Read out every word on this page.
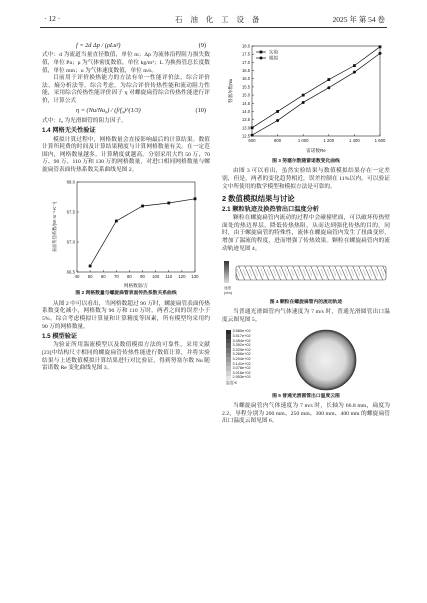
· 12 ·	石 油 化 工 设 备	2025 年 第 54 卷
f = 2d Δp / (ρLu²)	(9)

式中：d 为流道当量直径数值，单位 m；Δp 为流体沿程阻力损失数值，单位 Pa；ρ 为气体密度数值，单位 kg/m³；L 为换热管总长度数值，单位 mm；u 为气体速度数值，单位 m/s。

目前用于评价换热能力的方法有单一性能评价法、综合评价法、熵分析法等。综合考虑，为综合评价传热性能和流动阻力性能，采用综合传热性能评价因子 η 对螺旋扁管综合传热性能进行评价，计算公式

η = (Nu/Nu₀) / (f/f₀)^(1/3)	(10)

式中：f₀ 为光滑圆管的阻力因子。

1.4 网格无关性验证

模拟计算过程中，网格数量会直接影响最后的计算结果。数值计算所耗费的时间及计算结果精度与计算网格数量有关。在一定范围内，网格数量越多，计算精度就越高。分别采用大约 50 万、70 万、90 万、110 万和 130 万的网格数量，对进口相同网格数量与螺旋扁管表面传热系数关系曲线见图 2。

40 50 60 70 80 90 100 110 120 130
66.5
67.0
67.5
68.0
网格数量/万
表面传热系数/(W·m⁻²·K⁻¹)
图 2 网格数量与螺旋扁管表面传热系数关系曲线

从图 2 中可以看出，当网格数超过 90 万时，螺旋扁管表面传热系数变化减小，网格数为 90 万和 110 万时，两者之间的误差小于 5%。综合考虑模拟计算量和计算精度等因素，所有模型均采用约 90 万的网格数量。

1.5 模型验证

为验证所用湍流模型以及数值模拟方法的可靠性，采用文献[23]中结构尺寸相同的螺旋扁管传热性能进行数值计算，并将实验结果与上述数值模拟计算结果进行对比验证，得到努塞尔数 Nu 随雷诺数 Re 变化曲线见图 3。

600	800	1 000	1 200	1 400	1 600
12.5
13.0
13.5
14.0
14.5
15.0
15.5
16.0
16.5
17.0
17.5
18.0
实验
模拟
雷诺数Re
努塞尔数Nu
图 3 努塞尔数随雷诺数变化曲线

由图 3 可以看出，虽然实验结果与数值模拟结果存在一定差别，但是，两者的变化趋势相近，误差控制在 11%以内，可以验证文中所使用的数学模型和模拟方法是可靠的。

2 数值模拟结果与讨论
2.1 颗粒轨迹及换热管出口温度分析

颗粒在螺旋扁管内流动的过程中会碰撞壁面，可以破坏传热壁面处的热边界层，降低传热热阻，从而达到强化传热的目的。同时，由于螺旋扁管的特殊性，流体在螺旋扁管内发生了扭曲变形，增加了湍流的程度，进而增强了传热效果。颗粒在螺旋扁管内的流动轨迹见图 4。

速度
(m/s)
图 4 颗粒在螺旋扁管内的流动轨迹

当普通光滑圆管内气体速度为 7 m/s 时，普通光滑圆管出口温度云图见图 5。

3.580e+02
3.517e+02
3.454e+02
3.392e+02
3.329e+02
3.266e+02
3.204e+02
3.141e+02
3.078e+02
3.016e+02
2.953e+02
温度/K
图 5 普通光滑圆管出口温度云图

当螺旋扁管内气体速度为 7 m/s 时，长轴为 66.8 mm，扁度为 2.2，导程分别为 200 mm、250 mm、300 mm、400 mm 的螺旋扁管出口温度云图见图 6。
